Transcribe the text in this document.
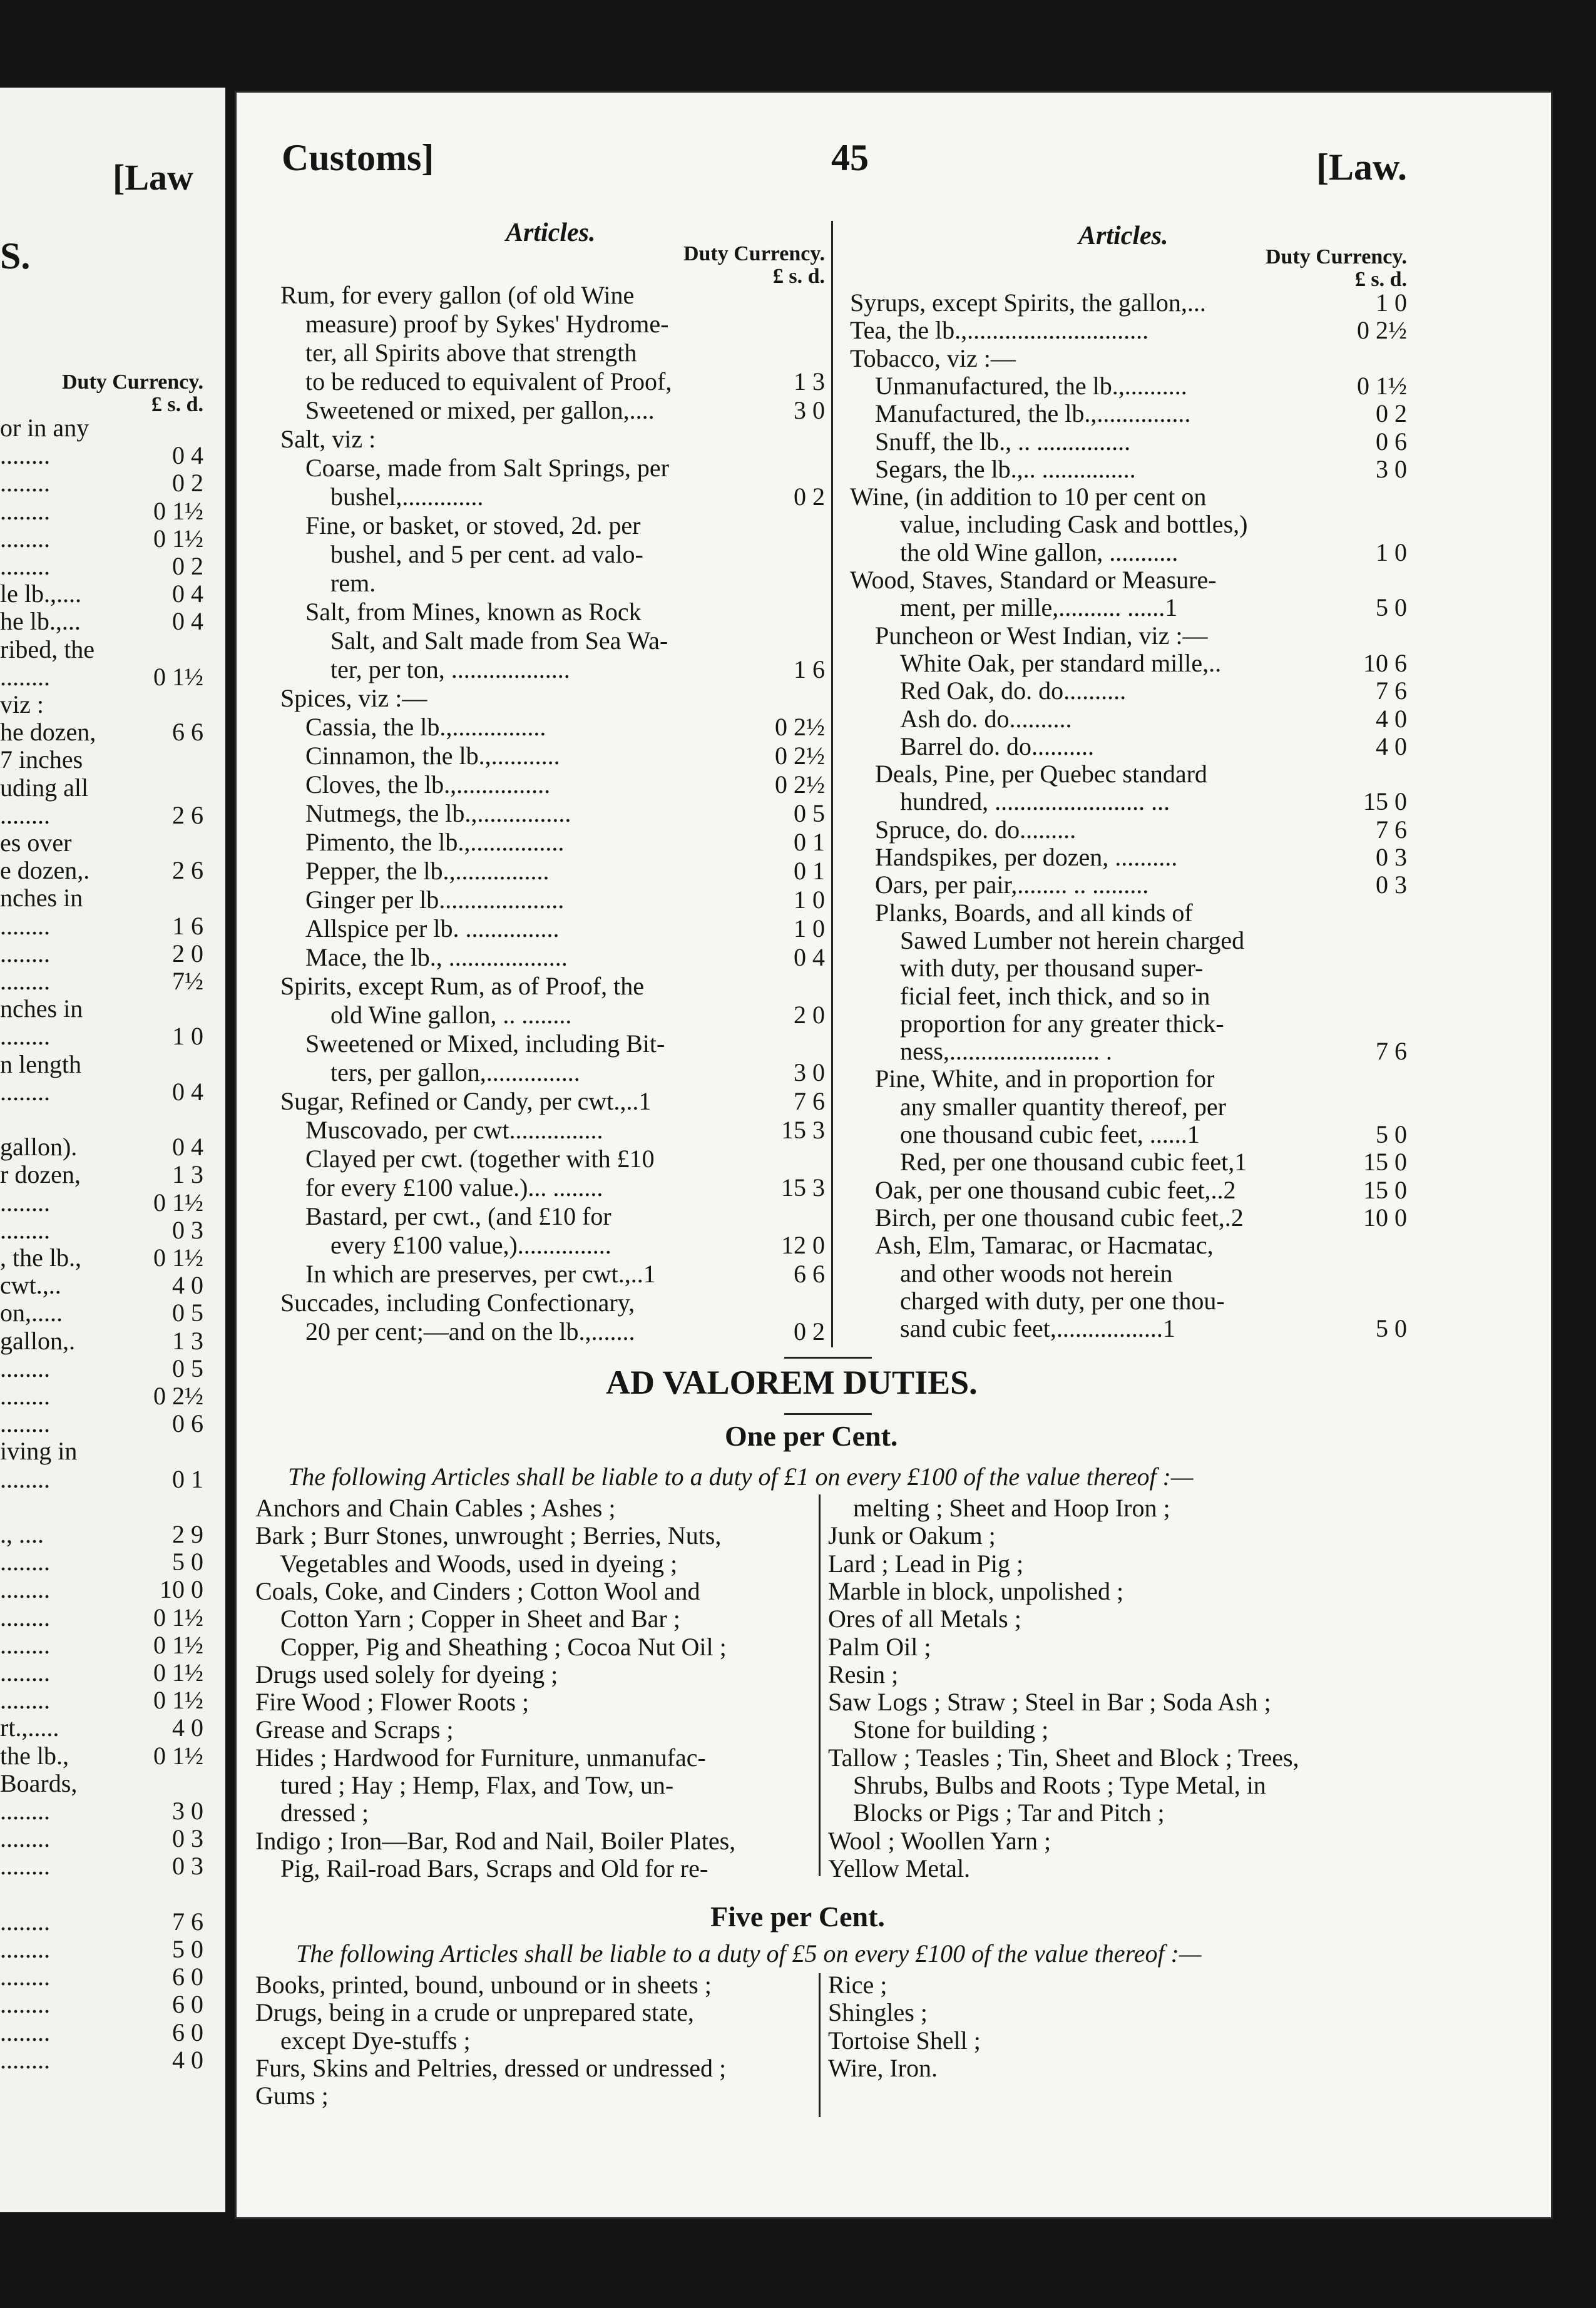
[Law
S.
Duty Currency.
£ s. d.
or in any
........	0 4
........	0 2
........	0 1½
........	0 1½
........	0 2
le lb.,....	0 4
he lb.,...	0 4
ribed, the
........	0 1½
viz :
he dozen,	6 6
7 inches
uding all
........	2 6
es over
e dozen,.	2 6
nches in
........	1 6
........	2 0
........	7½
nches in
........	1 0
n length
........	0 4
gallon).	0 4
r dozen,	1 3
........	0 1½
........	0 3
, the lb.,	0 1½
cwt.,..	4 0
on,.....	0 5
gallon,.	1 3
........	0 5
........	0 2½
........	0 6
iving in
........	0 1
., ....	2 9
........	5 0
........	10 0
........	0 1½
........	0 1½
........	0 1½
........	0 1½
rt.,.....	4 0
the lb.,	0 1½
Boards,
........	3 0
........	0 3
........	0 3
........	7 6
........	5 0
........	6 0
........	6 0
........	6 0
........	4 0
Customs]	45	[Law.
Articles.
Duty Currency.
£ s. d.
Rum, for every gallon (of old Wine
measure) proof by Sykes' Hydrome-
ter, all Spirits above that strength
to be reduced to equivalent of Proof,	1 3
Sweetened or mixed, per gallon,....	3 0
Salt, viz :
Coarse, made from Salt Springs, per
bushel,.............	0 2
Fine, or basket, or stoved, 2d. per
bushel, and 5 per cent. ad valo-
rem.
Salt, from Mines, known as Rock
Salt, and Salt made from Sea Wa-
ter, per ton, ...................	1 6
Spices, viz :—
Cassia, the lb.,...............	0 2½
Cinnamon, the lb.,...........	0 2½
Cloves, the lb.,...............	0 2½
Nutmegs, the lb.,...............	0 5
Pimento, the lb.,...............	0 1
Pepper, the lb.,...............	0 1
Ginger per lb....................	1 0
Allspice per lb. ...............	1 0
Mace, the lb., ...................	0 4
Spirits, except Rum, as of Proof, the
old Wine gallon, .. ........	2 0
Sweetened or Mixed, including Bit-
ters, per gallon,...............	3 0
Sugar, Refined or Candy, per cwt.,..1	7 6
Muscovado, per cwt...............	15 3
Clayed per cwt. (together with £10
for every £100 value.)... ........	15 3
Bastard, per cwt., (and £10 for
every £100 value,)...............	12 0
In which are preserves, per cwt.,..1	6 6
Succades, including Confectionary,
20 per cent;—and on the lb.,.......	0 2
Articles.
Duty Currency.
£ s. d.
Syrups, except Spirits, the gallon,...	1 0
Tea, the lb.,.............................	0 2½
Tobacco, viz :—
Unmanufactured, the lb.,..........	0 1½
Manufactured, the lb.,...............	0 2
Snuff, the lb., .. ...............	0 6
Segars, the lb.,.. ...............	3 0
Wine, (in addition to 10 per cent on
value, including Cask and bottles,)
the old Wine gallon, ...........	1 0
Wood, Staves, Standard or Measure-
ment, per mille,.......... ......1	5 0
Puncheon or West Indian, viz :—
White Oak, per standard mille,..	10 6
Red Oak, do. do..........	7 6
Ash do. do..........	4 0
Barrel do. do..........	4 0
Deals, Pine, per Quebec standard
hundred, ........................ ...	15 0
Spruce, do. do.........	7 6
Handspikes, per dozen, ..........	0 3
Oars, per pair,........ .. .........	0 3
Planks, Boards, and all kinds of
Sawed Lumber not herein charged
with duty, per thousand super-
ficial feet, inch thick, and so in
proportion for any greater thick-
ness,........................ .	7 6
Pine, White, and in proportion for
any smaller quantity thereof, per
one thousand cubic feet, ......1	5 0
Red, per one thousand cubic feet,1	15 0
Oak, per one thousand cubic feet,..2	15 0
Birch, per one thousand cubic feet,.2	10 0
Ash, Elm, Tamarac, or Hacmatac,
and other woods not herein
charged with duty, per one thou-
sand cubic feet,.................1	5 0
AD VALOREM DUTIES.
One per Cent.
The following Articles shall be liable to a duty of £1 on every £100 of the value thereof :—
Anchors and Chain Cables ; Ashes ;
Bark ; Burr Stones, unwrought ; Berries, Nuts,
Vegetables and Woods, used in dyeing ;
Coals, Coke, and Cinders ; Cotton Wool and
Cotton Yarn ; Copper in Sheet and Bar ;
Copper, Pig and Sheathing ; Cocoa Nut Oil ;
Drugs used solely for dyeing ;
Fire Wood ; Flower Roots ;
Grease and Scraps ;
Hides ; Hardwood for Furniture, unmanufac-
tured ; Hay ; Hemp, Flax, and Tow, un-
dressed ;
Indigo ; Iron—Bar, Rod and Nail, Boiler Plates,
Pig, Rail-road Bars, Scraps and Old for re-
melting ; Sheet and Hoop Iron ;
Junk or Oakum ;
Lard ; Lead in Pig ;
Marble in block, unpolished ;
Ores of all Metals ;
Palm Oil ;
Resin ;
Saw Logs ; Straw ; Steel in Bar ; Soda Ash ;
Stone for building ;
Tallow ; Teasles ; Tin, Sheet and Block ; Trees,
Shrubs, Bulbs and Roots ; Type Metal, in
Blocks or Pigs ; Tar and Pitch ;
Wool ; Woollen Yarn ;
Yellow Metal.
Five per Cent.
The following Articles shall be liable to a duty of £5 on every £100 of the value thereof :—
Books, printed, bound, unbound or in sheets ;
Drugs, being in a crude or unprepared state,
except Dye-stuffs ;
Furs, Skins and Peltries, dressed or undressed ;
Gums ;
Rice ;
Shingles ;
Tortoise Shell ;
Wire, Iron.
